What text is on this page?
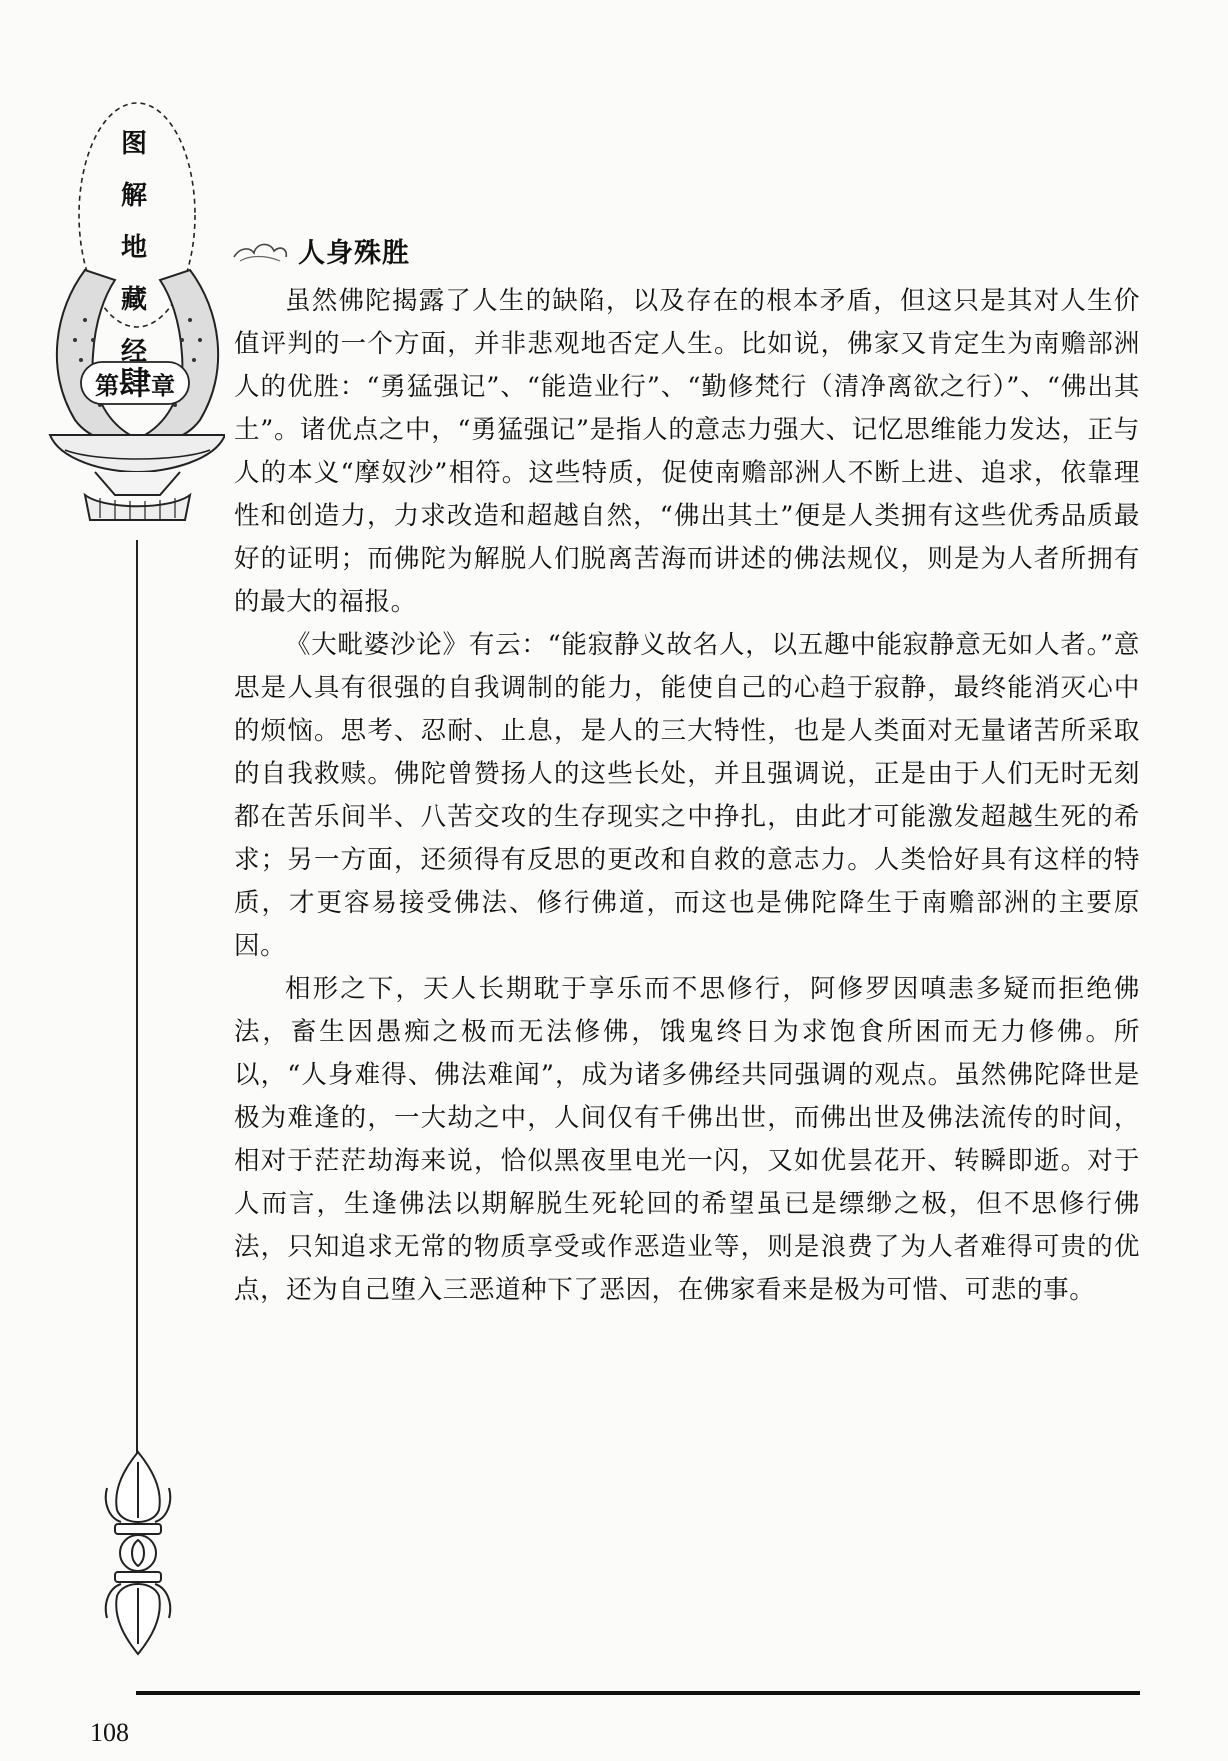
图
解
地
藏
经
第肆章
人身殊胜

虽然佛陀揭露了人生的缺陷，以及存在的根本矛盾，但这只是其对人生价值评判的一个方面，并非悲观地否定人生。比如说，佛家又肯定生为南赡部洲人的优胜：“勇猛强记”、“能造业行”、“勤修梵行（清净离欲之行）”、“佛出其土”。诸优点之中，“勇猛强记”是指人的意志力强大、记忆思维能力发达，正与人的本义“摩奴沙”相符。这些特质，促使南赡部洲人不断上进、追求，依靠理性和创造力，力求改造和超越自然，“佛出其土”便是人类拥有这些优秀品质最好的证明；而佛陀为解脱人们脱离苦海而讲述的佛法规仪，则是为人者所拥有的最大的福报。

《大毗婆沙论》有云：“能寂静义故名人，以五趣中能寂静意无如人者。”意思是人具有很强的自我调制的能力，能使自己的心趋于寂静，最终能消灭心中的烦恼。思考、忍耐、止息，是人的三大特性，也是人类面对无量诸苦所采取的自我救赎。佛陀曾赞扬人的这些长处，并且强调说，正是由于人们无时无刻都在苦乐间半、八苦交攻的生存现实之中挣扎，由此才可能激发超越生死的希求；另一方面，还须得有反思的更改和自救的意志力。人类恰好具有这样的特质，才更容易接受佛法、修行佛道，而这也是佛陀降生于南赡部洲的主要原因。

相形之下，天人长期耽于享乐而不思修行，阿修罗因嗔恚多疑而拒绝佛法，畜生因愚痴之极而无法修佛，饿鬼终日为求饱食所困而无力修佛。所以，“人身难得、佛法难闻”，成为诸多佛经共同强调的观点。虽然佛陀降世是极为难逢的，一大劫之中，人间仅有千佛出世，而佛出世及佛法流传的时间，相对于茫茫劫海来说，恰似黑夜里电光一闪，又如优昙花开、转瞬即逝。对于人而言，生逢佛法以期解脱生死轮回的希望虽已是缥缈之极，但不思修行佛法，只知追求无常的物质享受或作恶造业等，则是浪费了为人者难得可贵的优点，还为自己堕入三恶道种下了恶因，在佛家看来是极为可惜、可悲的事。

108
